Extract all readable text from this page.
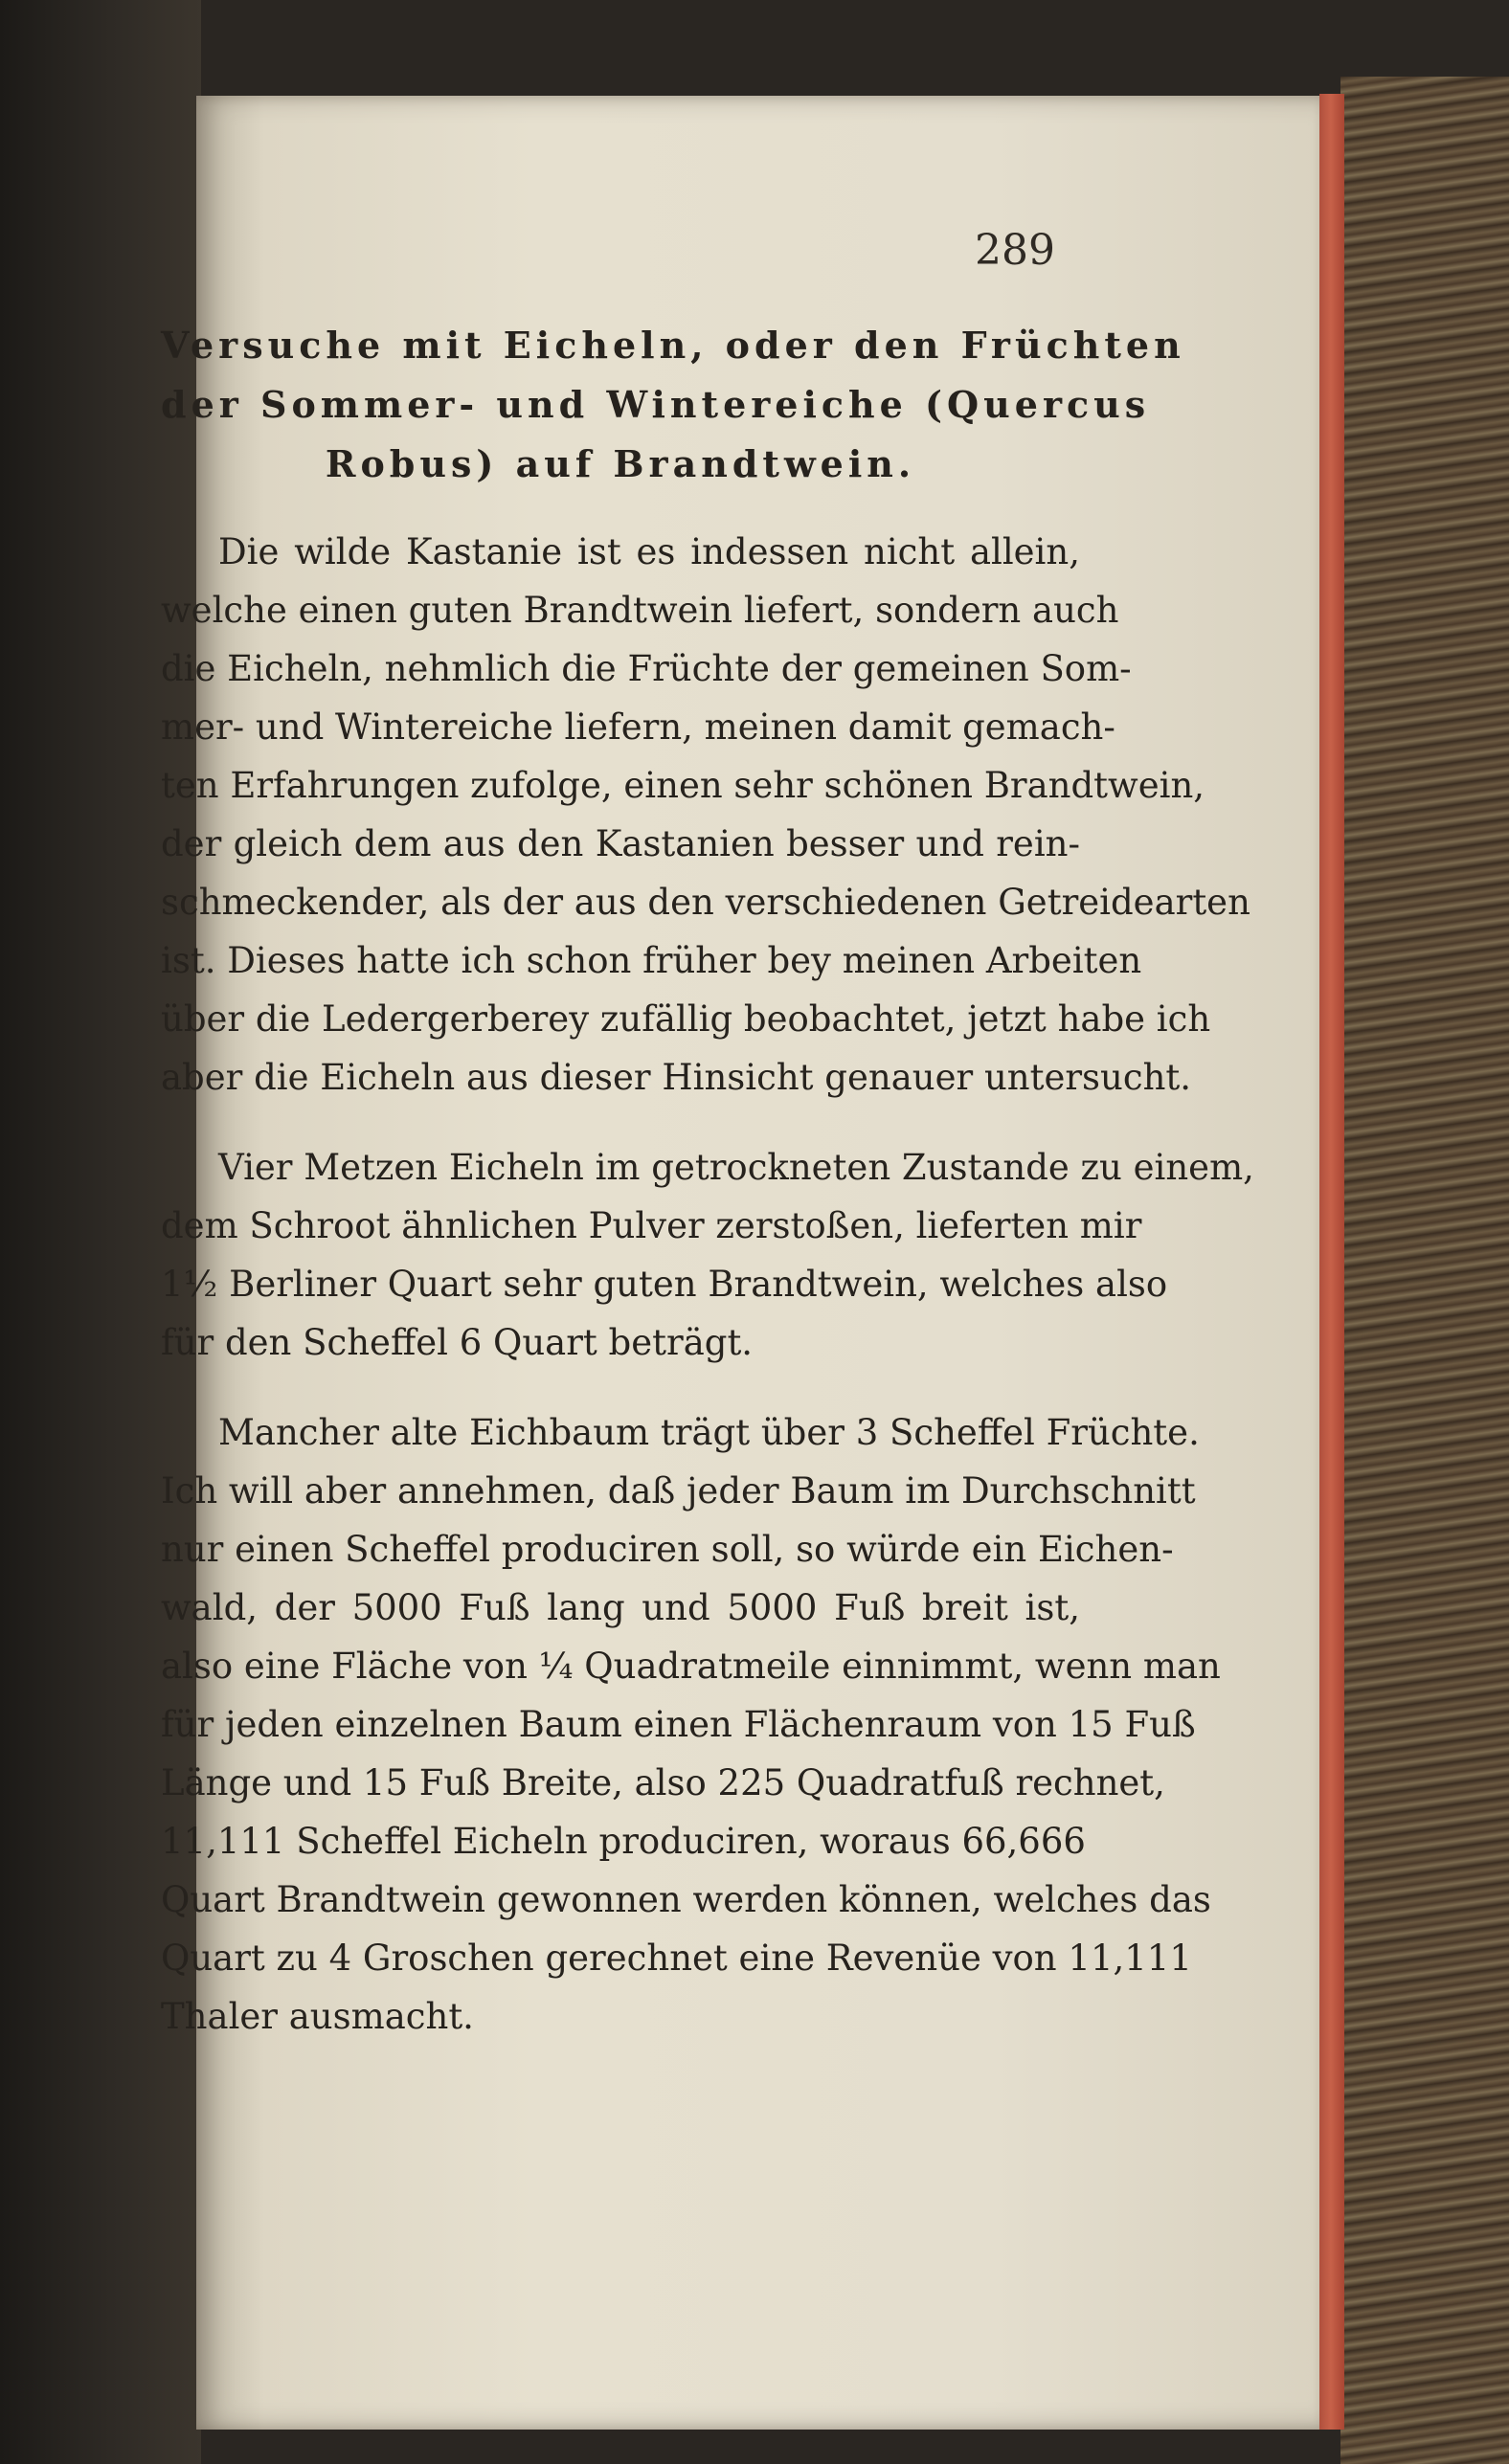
289
Versuche mit Eicheln, oder den Früchten
der Sommer- und Wintereiche (Quercus
Robus) auf Brandtwein.
Die wilde Kastanie ist es indessen nicht allein,
welche einen guten Brandtwein liefert, sondern auch
die Eicheln, nehmlich die Früchte der gemeinen Som-
mer- und Wintereiche liefern, meinen damit gemach-
ten Erfahrungen zufolge, einen sehr schönen Brandtwein,
der gleich dem aus den Kastanien besser und rein-
schmeckender, als der aus den verschiedenen Getreidearten
ist. Dieses hatte ich schon früher bey meinen Arbeiten
über die Ledergerberey zufällig beobachtet, jetzt habe ich
aber die Eicheln aus dieser Hinsicht genauer untersucht.
Vier Metzen Eicheln im getrockneten Zustande zu einem,
dem Schroot ähnlichen Pulver zerstoßen, lieferten mir
1½ Berliner Quart sehr guten Brandtwein, welches also
für den Scheffel 6 Quart beträgt.
Mancher alte Eichbaum trägt über 3 Scheffel Früchte.
Ich will aber annehmen, daß jeder Baum im Durchschnitt
nur einen Scheffel produciren soll, so würde ein Eichen-
wald, der 5000 Fuß lang und 5000 Fuß breit ist,
also eine Fläche von ¼ Quadratmeile einnimmt, wenn man
für jeden einzelnen Baum einen Flächenraum von 15 Fuß
Länge und 15 Fuß Breite, also 225 Quadratfuß rechnet,
11,111 Scheffel Eicheln produciren, woraus 66,666
Quart Brandtwein gewonnen werden können, welches das
Quart zu 4 Groschen gerechnet eine Revenüe von 11,111
Thaler ausmacht.
